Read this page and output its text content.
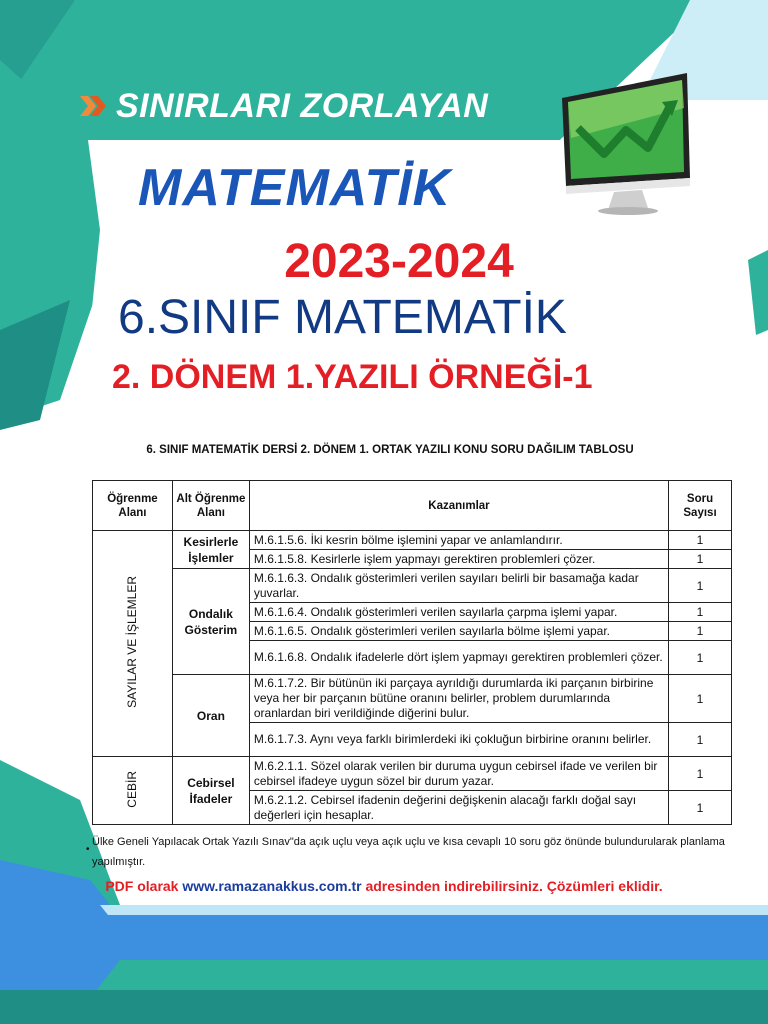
SINIRLARI ZORLAYAN
MATEMATİK
2023-2024
6.SINIF MATEMATİK
2. DÖNEM 1.YAZILI ÖRNEĞİ-1
6. SINIF MATEMATİK DERSİ 2. DÖNEM 1. ORTAK YAZILI KONU SORU DAĞILIM TABLOSU
Öğrenme Alanı	Alt Öğrenme Alanı	Kazanımlar	Soru Sayısı
SAYILAR VE İŞLEMLER	Kesirlerle İşlemler	M.6.1.5.6. İki kesrin bölme işlemini yapar ve anlamlandırır.	1
		M.6.1.5.8. Kesirlerle işlem yapmayı gerektiren problemleri çözer.	1
	Ondalık Gösterim	M.6.1.6.3. Ondalık gösterimleri verilen sayıları belirli bir basamağa kadar yuvarlar.	1
		M.6.1.6.4. Ondalık gösterimleri verilen sayılarla çarpma işlemi yapar.	1
		M.6.1.6.5. Ondalık gösterimleri verilen sayılarla bölme işlemi yapar.	1
		M.6.1.6.8. Ondalık ifadelerle dört işlem yapmayı gerektiren problemleri çözer.	1
	Oran	M.6.1.7.2. Bir bütünün iki parçaya ayrıldığı durumlarda iki parçanın birbirine veya her bir parçanın bütüne oranını belirler, problem durumlarında oranlardan biri verildiğinde diğerini bulur.	1
		M.6.1.7.3. Aynı veya farklı birimlerdeki iki çokluğun birbirine oranını belirler.	1
CEBİR	Cebirsel İfadeler	M.6.2.1.1. Sözel olarak verilen bir duruma uygun cebirsel ifade ve verilen bir cebirsel ifadeye uygun sözel bir durum yazar.	1
		M.6.2.1.2. Cebirsel ifadenin değerini değişkenin alacağı farklı doğal sayı değerleri için hesaplar.	1
•
Ülke Geneli Yapılacak Ortak Yazılı Sınav"da açık uçlu veya açık uçlu ve kısa cevaplı 10 soru göz önünde bulundurularak planlama yapılmıştır.
PDF olarak www.ramazanakkus.com.tr adresinden indirebilirsiniz. Çözümleri eklidir.
